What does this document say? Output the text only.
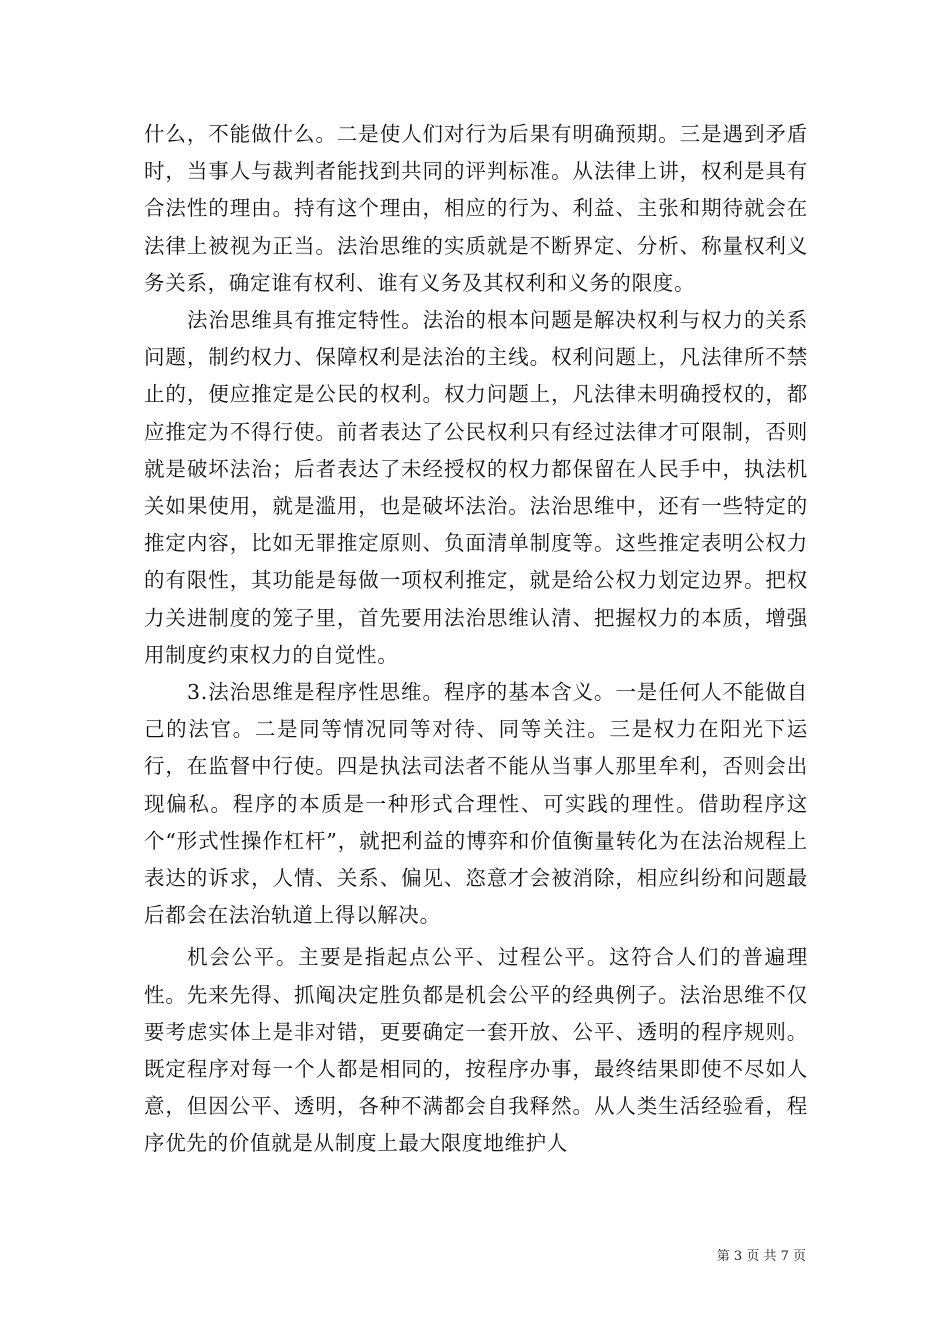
什么，不能做什么。二是使人们对行为后果有明确预期。三是遇到矛盾时，当事人与裁判者能找到共同的评判标准。从法律上讲，权利是具有合法性的理由。持有这个理由，相应的行为、利益、主张和期待就会在法律上被视为正当。法治思维的实质就是不断界定、分析、称量权利义务关系，确定谁有权利、谁有义务及其权利和义务的限度。

法治思维具有推定特性。法治的根本问题是解决权利与权力的关系问题，制约权力、保障权利是法治的主线。权利问题上，凡法律所不禁止的，便应推定是公民的权利。权力问题上，凡法律未明确授权的，都应推定为不得行使。前者表达了公民权利只有经过法律才可限制，否则就是破坏法治；后者表达了未经授权的权力都保留在人民手中，执法机关如果使用，就是滥用，也是破坏法治。法治思维中，还有一些特定的推定内容，比如无罪推定原则、负面清单制度等。这些推定表明公权力的有限性，其功能是每做一项权利推定，就是给公权力划定边界。把权力关进制度的笼子里，首先要用法治思维认清、把握权力的本质，增强用制度约束权力的自觉性。

3.法治思维是程序性思维。程序的基本含义。一是任何人不能做自己的法官。二是同等情况同等对待、同等关注。三是权力在阳光下运行，在监督中行使。四是执法司法者不能从当事人那里牟利，否则会出现偏私。程序的本质是一种形式合理性、可实践的理性。借助程序这个“形式性操作杠杆”，就把利益的博弈和价值衡量转化为在法治规程上表达的诉求，人情、关系、偏见、恣意才会被消除，相应纠纷和问题最后都会在法治轨道上得以解决。

机会公平。主要是指起点公平、过程公平。这符合人们的普遍理性。先来先得、抓阄决定胜负都是机会公平的经典例子。法治思维不仅要考虑实体上是非对错，更要确定一套开放、公平、透明的程序规则。既定程序对每一个人都是相同的，按程序办事，最终结果即使不尽如人意，但因公平、透明，各种不满都会自我释然。从人类生活经验看，程序优先的价值就是从制度上最大限度地维护人

第 3 页 共 7 页
